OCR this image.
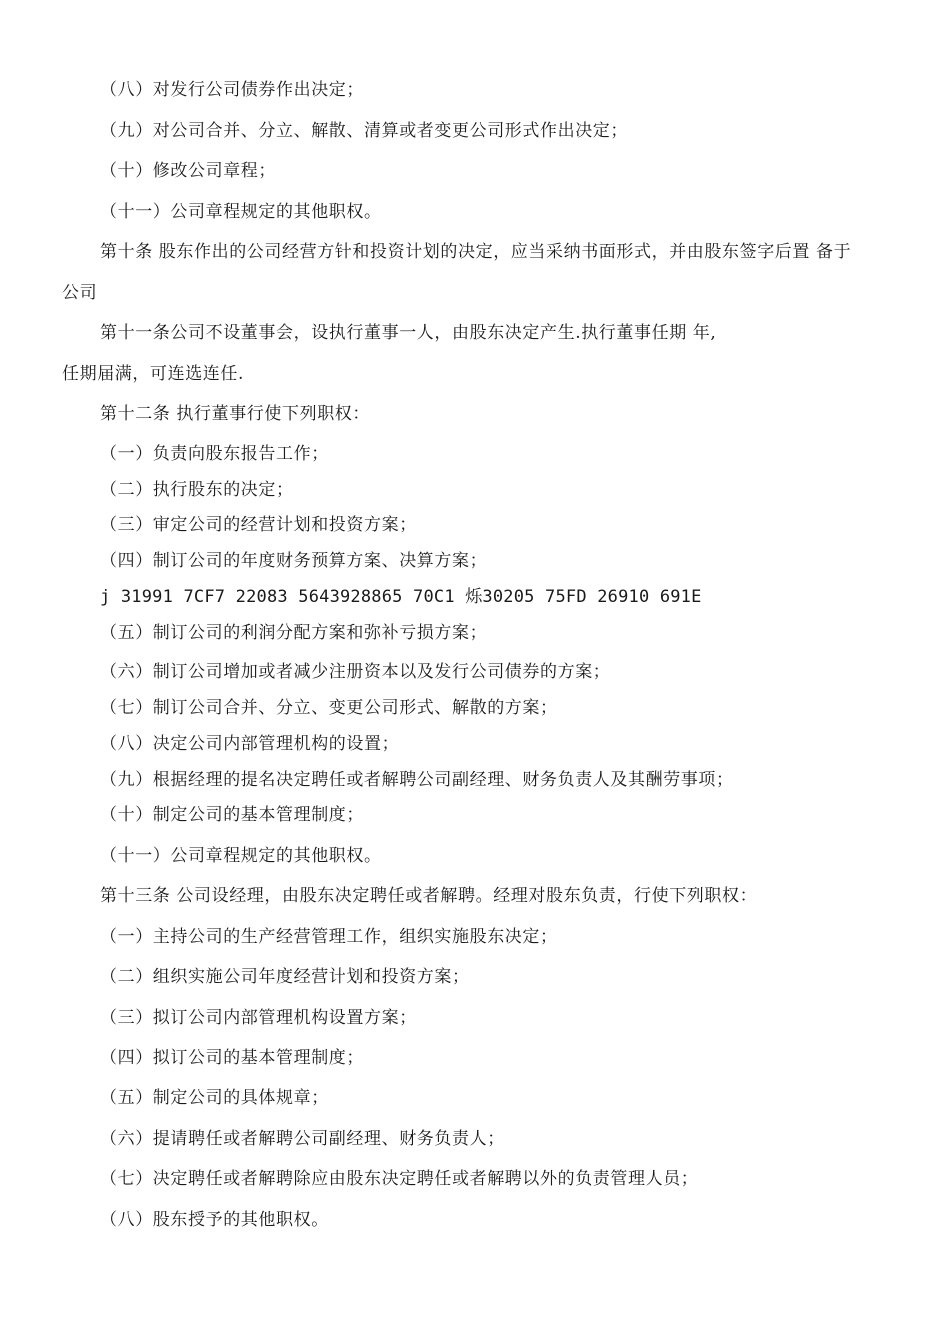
（八）对发行公司债券作出决定；
（九）对公司合并、分立、解散、清算或者变更公司形式作出决定；
（十）修改公司章程；
（十一）公司章程规定的其他职权。
第十条 股东作出的公司经营方针和投资计划的决定，应当采纳书面形式，并由股东签字后置 备于
公司
第十一条公司不设董事会，设执行董事一人，由股东决定产生.执行董事任期 年,
任期届满，可连选连任.
第十二条 执行董事行使下列职权：
（一）负责向股东报告工作；
（二）执行股东的决定；
（三）审定公司的经营计划和投资方案；
（四）制订公司的年度财务预算方案、决算方案；
j 31991 7CF7 22083 5643928865 70C1 烁30205 75FD 26910 691E
（五）制订公司的利润分配方案和弥补亏损方案；
（六）制订公司增加或者减少注册资本以及发行公司债券的方案；
（七）制订公司合并、分立、变更公司形式、解散的方案；
（八）决定公司内部管理机构的设置；
（九）根据经理的提名决定聘任或者解聘公司副经理、财务负责人及其酬劳事项；
（十）制定公司的基本管理制度；
（十一）公司章程规定的其他职权。
第十三条 公司设经理，由股东决定聘任或者解聘。经理对股东负责，行使下列职权：
（一）主持公司的生产经营管理工作，组织实施股东决定；
（二）组织实施公司年度经营计划和投资方案；
（三）拟订公司内部管理机构设置方案；
（四）拟订公司的基本管理制度；
（五）制定公司的具体规章；
（六）提请聘任或者解聘公司副经理、财务负责人；
（七）决定聘任或者解聘除应由股东决定聘任或者解聘以外的负责管理人员；
（八）股东授予的其他职权。
